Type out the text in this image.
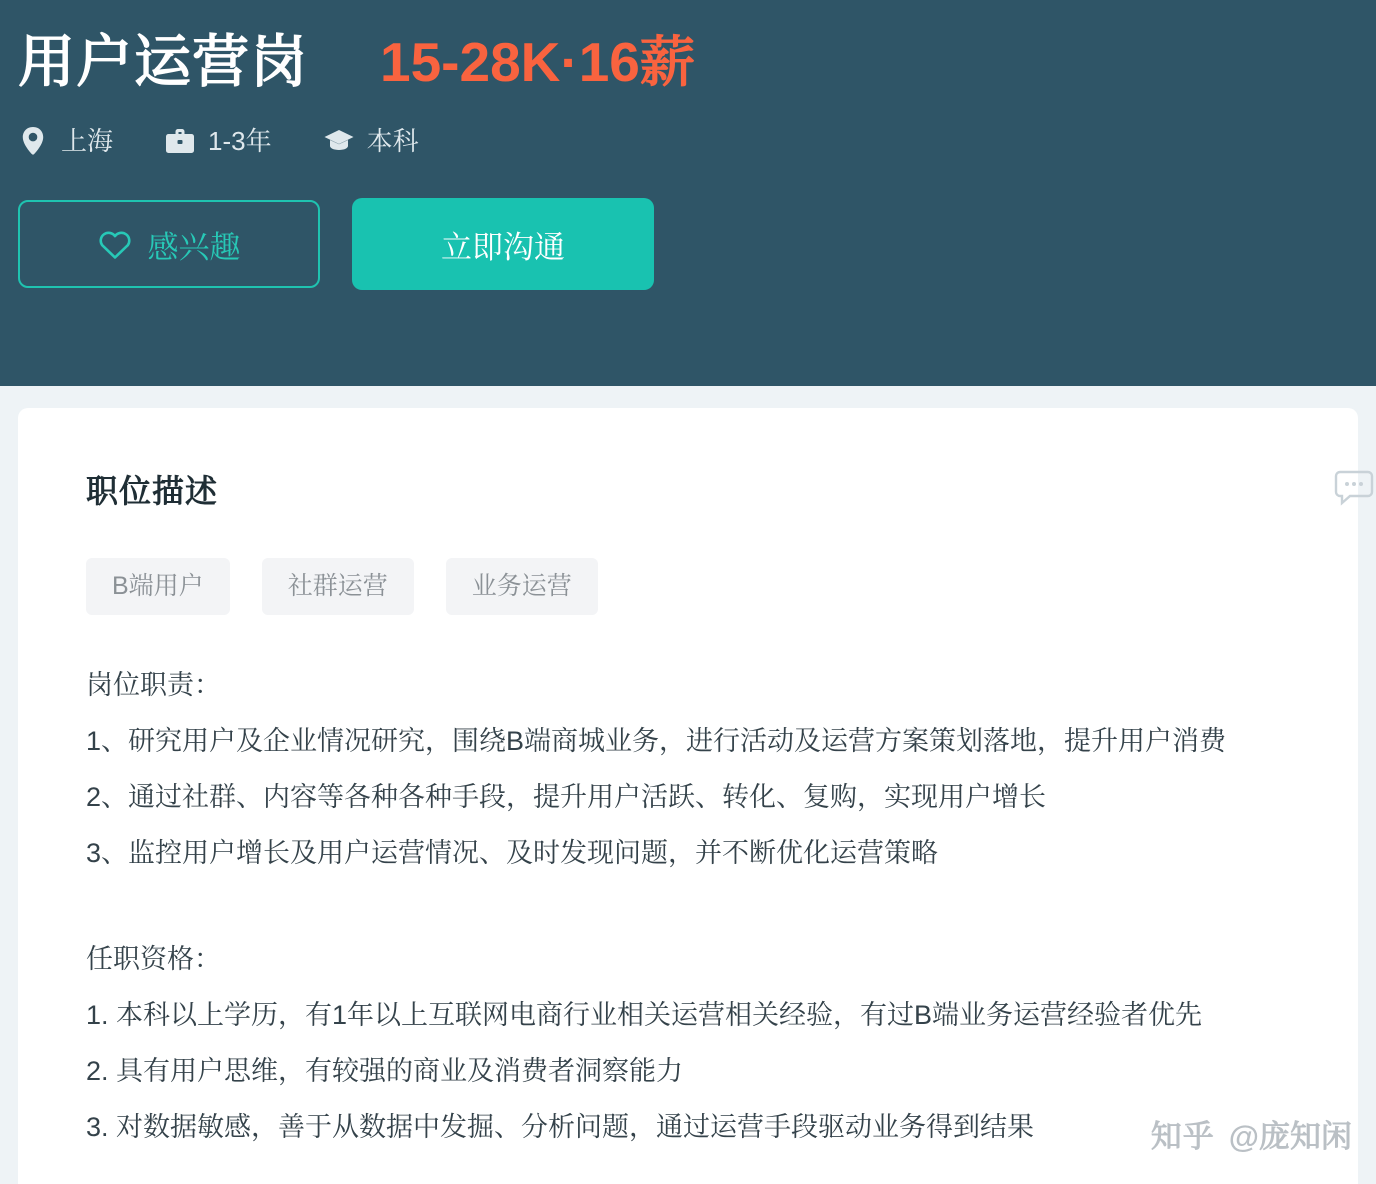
用户运营岗 15-28K·16薪
上海	1-3年	本科
感兴趣	立即沟通
职位描述
B端用户	社群运营	业务运营

岗位职责：

1、研究用户及企业情况研究，围绕B端商城业务，进行活动及运营方案策划落地，提升用户消费

2、通过社群、内容等各种各种手段，提升用户活跃、转化、复购，实现用户增长

3、监控用户增长及用户运营情况、及时发现问题，并不断优化运营策略

任职资格：

1. 本科以上学历，有1年以上互联网电商行业相关运营相关经验，有过B端业务运营经验者优先

2. 具有用户思维，有较强的商业及消费者洞察能力

3. 对数据敏感，善于从数据中发掘、分析问题，通过运营手段驱动业务得到结果	知乎 @庞知闲
